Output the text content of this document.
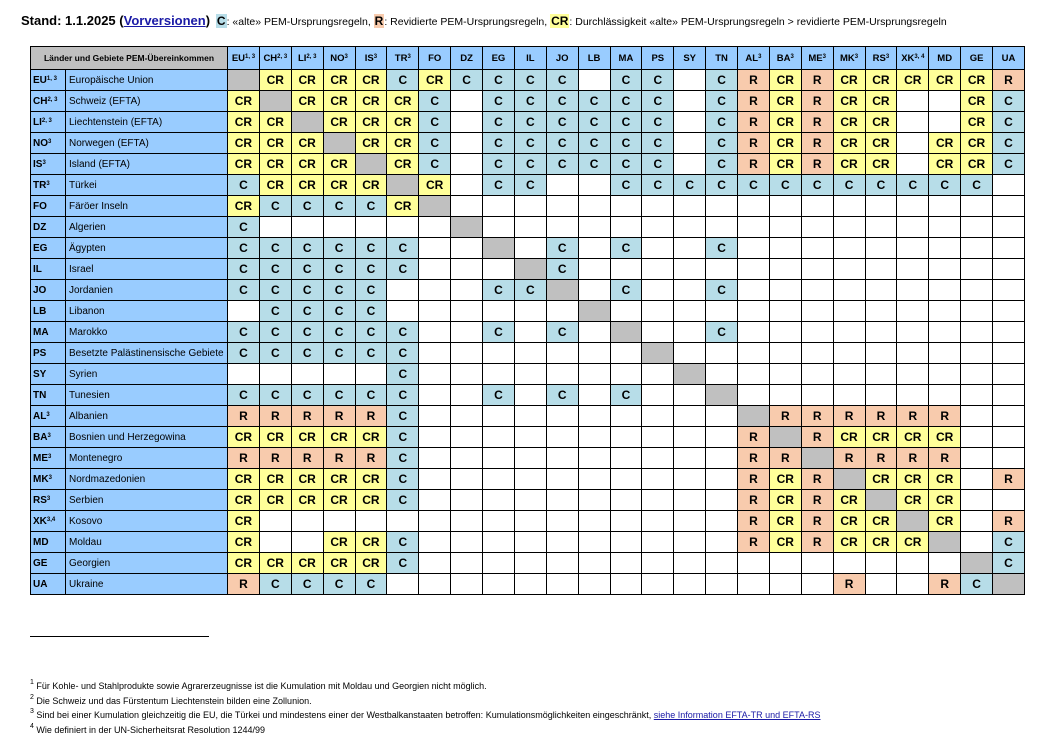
Stand: 1.1.2025 (Vorversionen) C: «alte» PEM-Ursprungsregeln, R: Revidierte PEM-Ursprungsregeln, CR: Durchlässigkeit «alte» PEM-Ursprungsregeln > revidierte PEM-Ursprungsregeln
Länder und Gebiete PEM-Übereinkommen		EU$^{1, 3}$	CH$^{2, 3}$	LI$^{2, 3}$	$NO^3$	$IS^3$	$TR^3$	FO	DZ	EG	IL	JO	LB	MA	PS	SY	TN	$AL^3$	$BA^3$	$ME^3$	$MK^3$	$RS^3$	XK$^{3, 4}$	MD	GE	UA
EU$^{1, 3}$	Europäische Union		CR	CR	CR	CR	C	CR	C	C	C	C		C	C		C	R	CR	R	CR	CR	CR	CR	CR	R
CH$^{2, 3}$	Schweiz (EFTA)	CR		CR	CR	CR	CR	C		C	C	C	C	C	C		C	R	CR	R	CR	CR			CR	C
LI$^{2, 3}$	Liechtenstein (EFTA)	CR	CR		CR	CR	CR	C		C	C	C	C	C	C		C	R	CR	R	CR	CR			CR	C
$NO^3$	Norwegen (EFTA)	CR	CR	CR		CR	CR	C		C	C	C	C	C	C		C	R	CR	R	CR	CR		CR	CR	C
$IS^3$	Island (EFTA)	CR	CR	CR	CR		CR	C		C	C	C	C	C	C		C	R	CR	R	CR	CR		CR	CR	C
$TR^3$	Türkei	C	CR	CR	CR	CR		CR		C	C			C	C	C	C	C	C	C	C	C	C	C	C	
FO	Färöer Inseln	CR	C	C	C	C	CR																			
DZ	Algerien	C																								
EG	Ägypten	C	C	C	C	C	C					C		C			C									
IL	Israel	C	C	C	C	C	C					C														
JO	Jordanien	C	C	C	C	C				C	C			C			C									
LB	Libanon		C	C	C	C																				
MA	Marokko	C	C	C	C	C	C			C		C					C									
PS	Besetzte Palästinensische Gebiete	C	C	C	C	C	C																			
SY	Syrien						C																			
TN	Tunesien	C	C	C	C	C	C			C		C		C												
$AL^3$	Albanien	R	R	R	R	R	C												R	R	R	R	R	R		
$BA^3$	Bosnien und Herzegowina	CR	CR	CR	CR	CR	C											R		R	CR	CR	CR	CR		
$ME^3$	Montenegro	R	R	R	R	R	C											R	R		R	R	R	R		
$MK^3$	Nordmazedonien	CR	CR	CR	CR	CR	C											R	CR	R		CR	CR	CR		R
$RS^3$	Serbien	CR	CR	CR	CR	CR	C											R	CR	R	CR		CR	CR		
XK$^{3,4}$	Kosovo	CR																R	CR	R	CR	CR		CR		R
MD	Moldau	CR			CR	CR	C											R	CR	R	CR	CR	CR			C
GE	Georgien	CR	CR	CR	CR	CR	C																			C
UA	Ukraine	R	C	C	C	C															R			R	C	
$^1$ Für Kohle- und Stahlprodukte sowie Agrarerzeugnisse ist die Kumulation mit Moldau und Georgien nicht möglich.
$^2$ Die Schweiz und das Fürstentum Liechtenstein bilden eine Zollunion.
$^3$ Sind bei einer Kumulation gleichzeitig die EU, die Türkei und mindestens einer der Westbalkanstaaten betroffen: Kumulationsmöglichkeiten eingeschränkt, siehe Information EFTA-TR und EFTA-RS
$^4$ Wie definiert in der UN-Sicherheitsrat Resolution 1244/99
